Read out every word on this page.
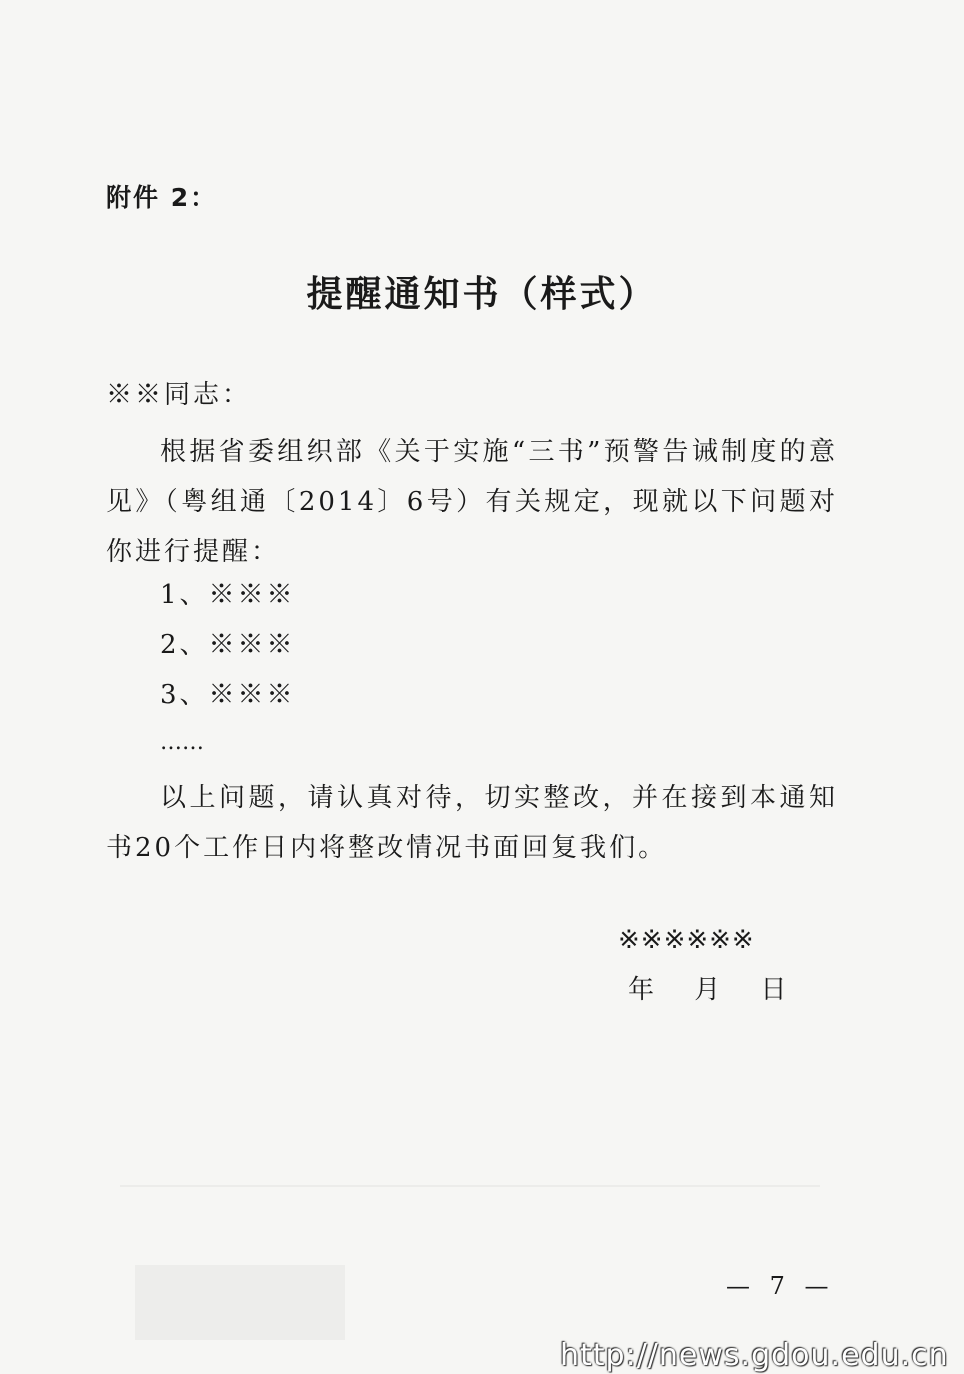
附件 2：
提醒通知书（样式）
※※同志：
根据省委组织部《关于实施“三书”预警告诫制度的意见》（粤组通〔2014〕6号）有关规定，现就以下问题对你进行提醒：
1、※※※
2、※※※
3、※※※
……
以上问题，请认真对待，切实整改，并在接到本通知书20个工作日内将整改情况书面回复我们。
※※※※※※
年 月 日
— 7 —
http://news.gdou.edu.cn
